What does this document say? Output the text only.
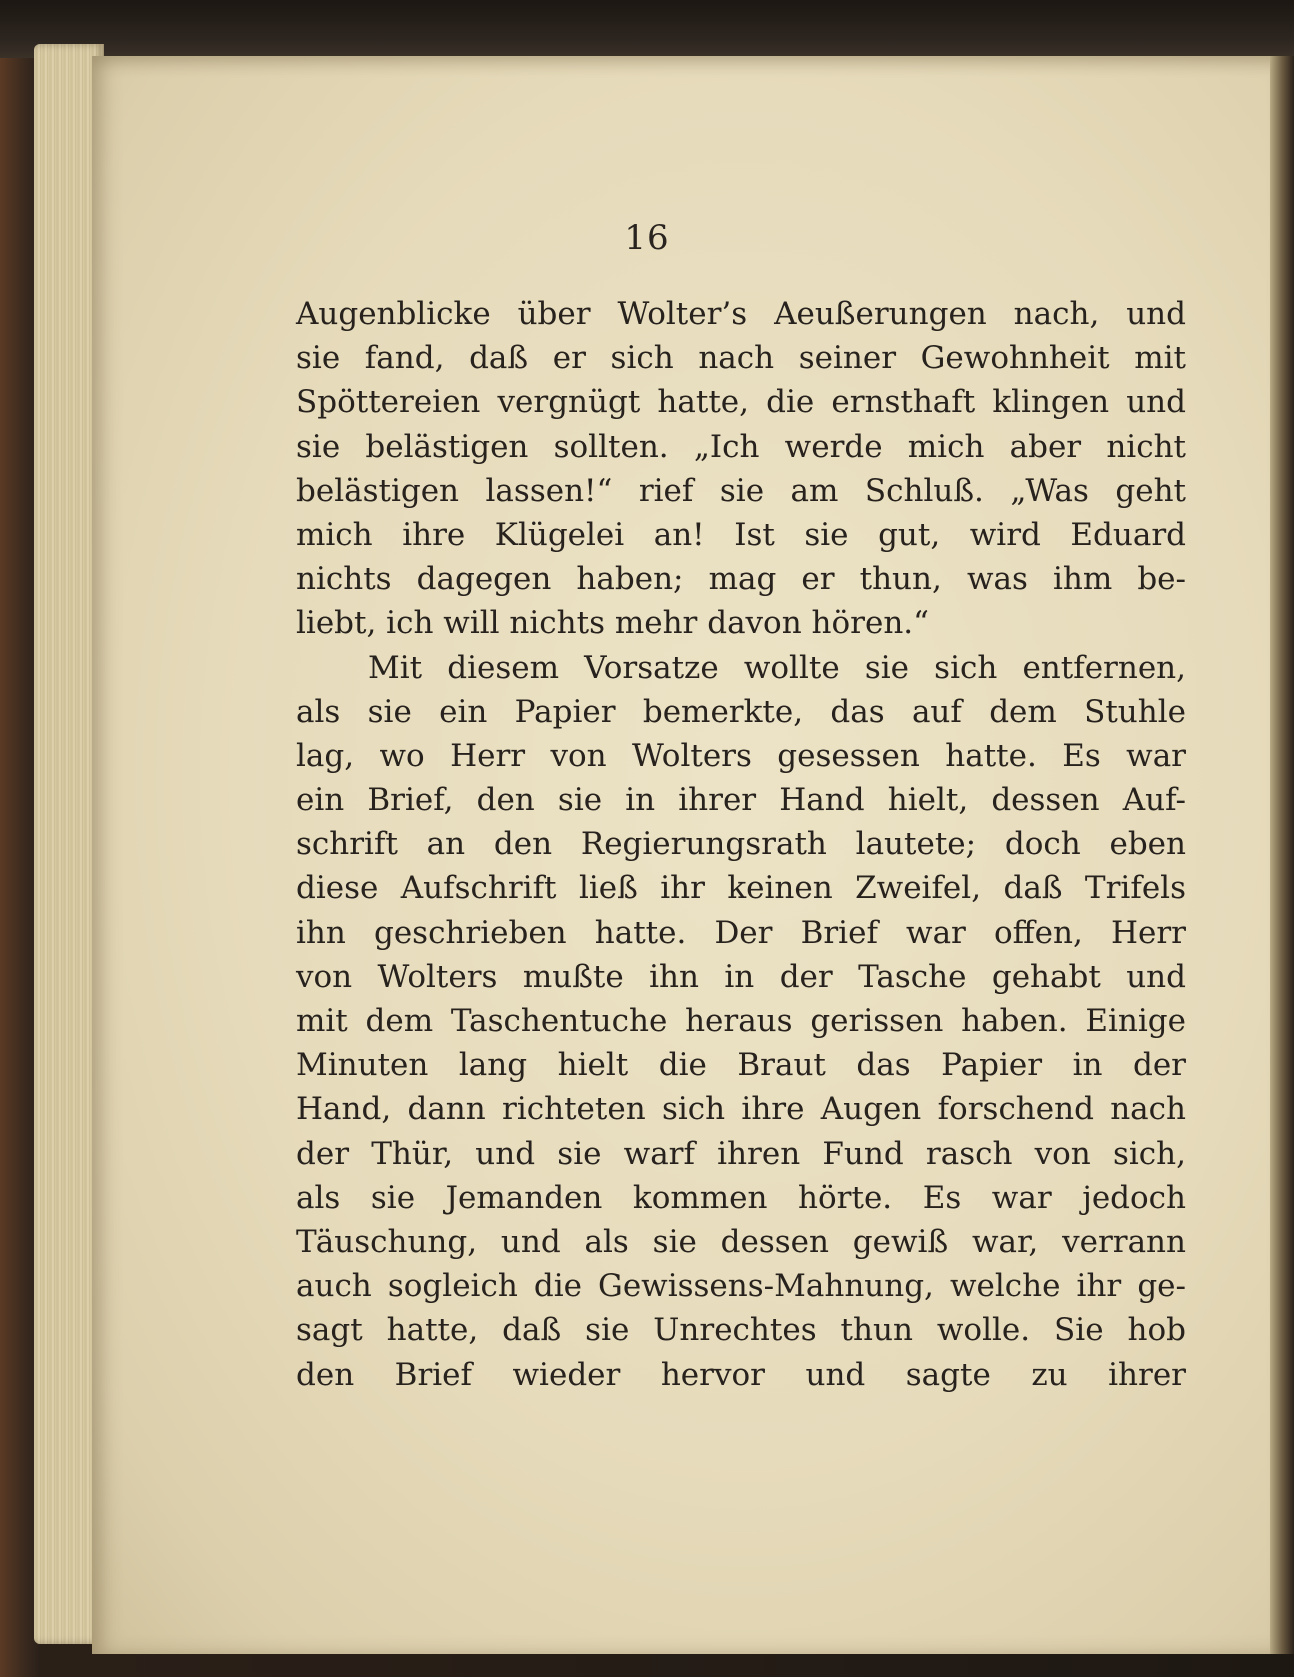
16
Augenblicke über Wolter’s Aeußerungen nach, und
sie fand, daß er sich nach seiner Gewohnheit mit
Spöttereien vergnügt hatte, die ernsthaft klingen und
sie belästigen sollten. „Ich werde mich aber nicht
belästigen lassen!“ rief sie am Schluß. „Was geht
mich ihre Klügelei an! Ist sie gut, wird Eduard
nichts dagegen haben; mag er thun, was ihm be-
liebt, ich will nichts mehr davon hören.“
Mit diesem Vorsatze wollte sie sich entfernen,
als sie ein Papier bemerkte, das auf dem Stuhle
lag, wo Herr von Wolters gesessen hatte. Es war
ein Brief, den sie in ihrer Hand hielt, dessen Auf-
schrift an den Regierungsrath lautete; doch eben
diese Aufschrift ließ ihr keinen Zweifel, daß Trifels
ihn geschrieben hatte. Der Brief war offen, Herr
von Wolters mußte ihn in der Tasche gehabt und
mit dem Taschentuche heraus gerissen haben. Einige
Minuten lang hielt die Braut das Papier in der
Hand, dann richteten sich ihre Augen forschend nach
der Thür, und sie warf ihren Fund rasch von sich,
als sie Jemanden kommen hörte. Es war jedoch
Täuschung, und als sie dessen gewiß war, verrann
auch sogleich die Gewissens-Mahnung, welche ihr ge-
sagt hatte, daß sie Unrechtes thun wolle. Sie hob
den Brief wieder hervor und sagte zu ihrer
